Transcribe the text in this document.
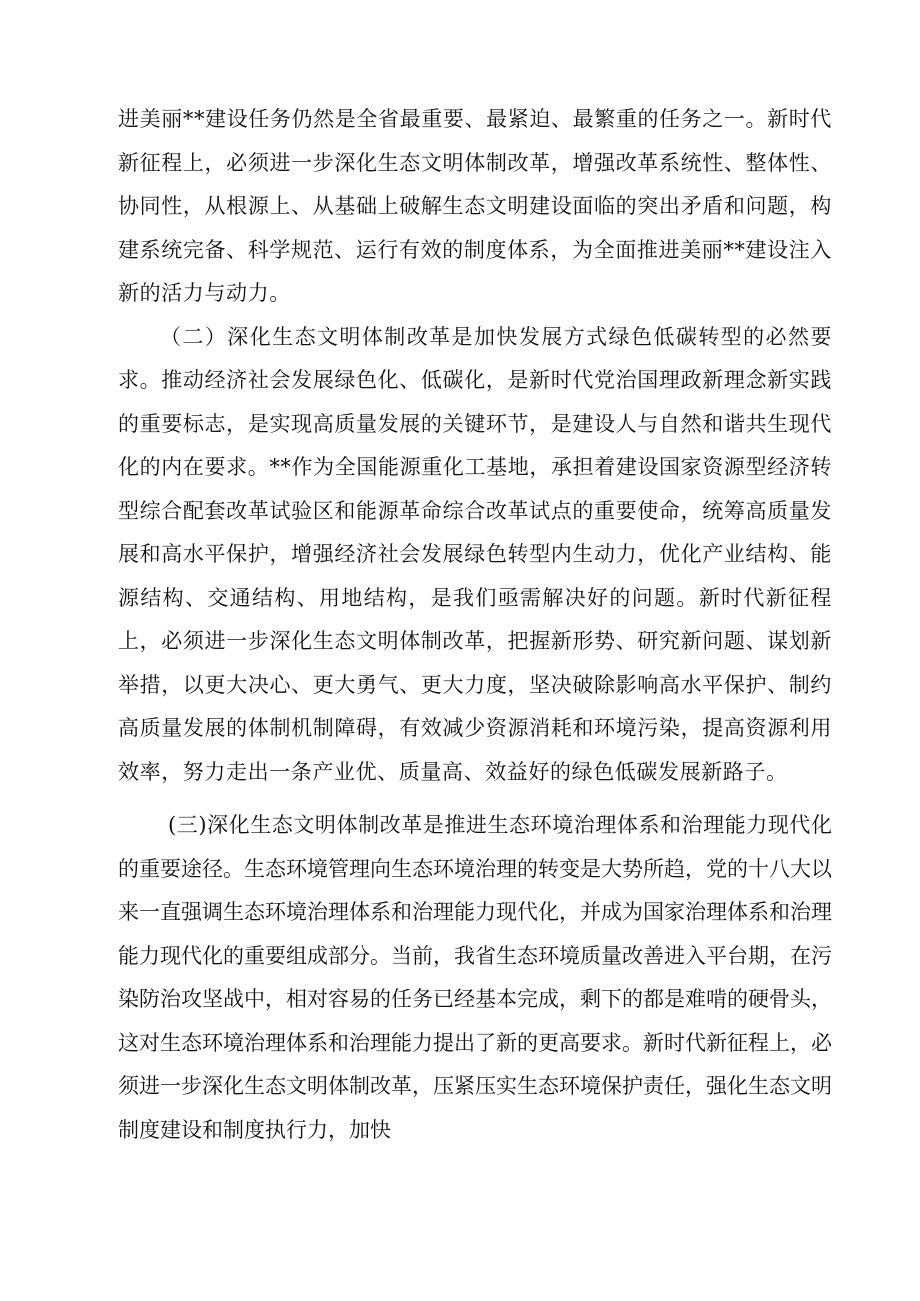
进美丽**建设任务仍然是全省最重要、最紧迫、最繁重的任务之一。新时代新征程上，必须进一步深化生态文明体制改革，增强改革系统性、整体性、协同性，从根源上、从基础上破解生态文明建设面临的突出矛盾和问题，构建系统完备、科学规范、运行有效的制度体系，为全面推进美丽**建设注入新的活力与动力。

（二）深化生态文明体制改革是加快发展方式绿色低碳转型的必然要求。推动经济社会发展绿色化、低碳化，是新时代党治国理政新理念新实践的重要标志，是实现高质量发展的关键环节，是建设人与自然和谐共生现代化的内在要求。**作为全国能源重化工基地，承担着建设国家资源型经济转型综合配套改革试验区和能源革命综合改革试点的重要使命，统筹高质量发展和高水平保护，增强经济社会发展绿色转型内生动力，优化产业结构、能源结构、交通结构、用地结构，是我们亟需解决好的问题。新时代新征程上，必须进一步深化生态文明体制改革，把握新形势、研究新问题、谋划新举措，以更大决心、更大勇气、更大力度，坚决破除影响高水平保护、制约高质量发展的体制机制障碍，有效减少资源消耗和环境污染，提高资源利用效率，努力走出一条产业优、质量高、效益好的绿色低碳发展新路子。

(三)深化生态文明体制改革是推进生态环境治理体系和治理能力现代化的重要途径。生态环境管理向生态环境治理的转变是大势所趋，党的十八大以来一直强调生态环境治理体系和治理能力现代化，并成为国家治理体系和治理能力现代化的重要组成部分。当前，我省生态环境质量改善进入平台期，在污染防治攻坚战中，相对容易的任务已经基本完成，剩下的都是难啃的硬骨头，这对生态环境治理体系和治理能力提出了新的更高要求。新时代新征程上，必须进一步深化生态文明体制改革，压紧压实生态环境保护责任，强化生态文明制度建设和制度执行力，加快
